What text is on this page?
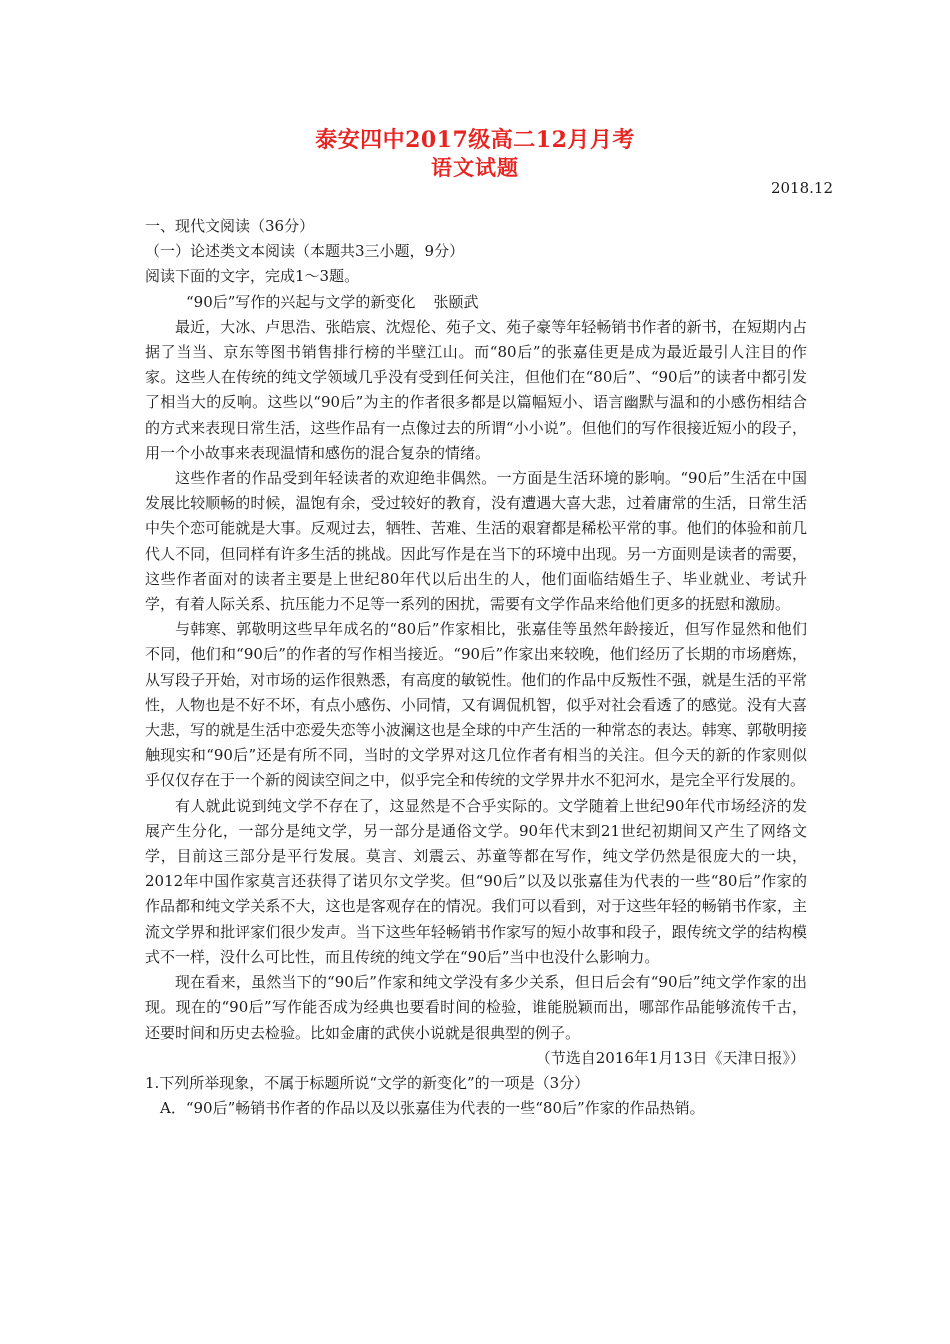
泰安四中2017级高二12月月考
语文试题
2018.12

一、现代文阅读（36分）

（一）论述类文本阅读（本题共3三小题，9分）

阅读下面的文字，完成1～3题。

“90后”写作的兴起与文学的新变化 张颐武

最近，大冰、卢思浩、张皓宸、沈煜伦、苑子文、苑子豪等年轻畅销书作者的新书，在短期内占据了当当、京东等图书销售排行榜的半壁江山。而“80后”的张嘉佳更是成为最近最引人注目的作家。这些人在传统的纯文学领域几乎没有受到任何关注，但他们在“80后”、“90后”的读者中都引发了相当大的反响。这些以“90后”为主的作者很多都是以篇幅短小、语言幽默与温和的小感伤相结合的方式来表现日常生活，这些作品有一点像过去的所谓“小小说”。但他们的写作很接近短小的段子，用一个小故事来表现温情和感伤的混合复杂的情绪。

这些作者的作品受到年轻读者的欢迎绝非偶然。一方面是生活环境的影响。“90后”生活在中国发展比较顺畅的时候，温饱有余，受过较好的教育，没有遭遇大喜大悲，过着庸常的生活，日常生活中失个恋可能就是大事。反观过去，牺牲、苦难、生活的艰窘都是稀松平常的事。他们的体验和前几代人不同，但同样有许多生活的挑战。因此写作是在当下的环境中出现。另一方面则是读者的需要，这些作者面对的读者主要是上世纪80年代以后出生的人，他们面临结婚生子、毕业就业、考试升学，有着人际关系、抗压能力不足等一系列的困扰，需要有文学作品来给他们更多的抚慰和激励。

与韩寒、郭敬明这些早年成名的“80后”作家相比，张嘉佳等虽然年龄接近，但写作显然和他们不同，他们和“90后”的作者的写作相当接近。“90后”作家出来较晚，他们经历了长期的市场磨炼，从写段子开始，对市场的运作很熟悉，有高度的敏锐性。他们的作品中反叛性不强，就是生活的平常性，人物也是不好不坏，有点小感伤、小同情，又有调侃机智，似乎对社会看透了的感觉。没有大喜大悲，写的就是生活中恋爱失恋等小波澜这也是全球的中产生活的一种常态的表达。韩寒、郭敬明接触现实和“90后”还是有所不同，当时的文学界对这几位作者有相当的关注。但今天的新的作家则似乎仅仅存在于一个新的阅读空间之中，似乎完全和传统的文学界井水不犯河水，是完全平行发展的。

有人就此说到纯文学不存在了，这显然是不合乎实际的。文学随着上世纪90年代市场经济的发展产生分化，一部分是纯文学，另一部分是通俗文学。90年代末到21世纪初期间又产生了网络文学，目前这三部分是平行发展。莫言、刘震云、苏童等都在写作，纯文学仍然是很庞大的一块，2012年中国作家莫言还获得了诺贝尔文学奖。但“90后”以及以张嘉佳为代表的一些“80后”作家的作品都和纯文学关系不大，这也是客观存在的情况。我们可以看到，对于这些年轻的畅销书作家，主流文学界和批评家们很少发声。当下这些年轻畅销书作家写的短小故事和段子，跟传统文学的结构模式不一样，没什么可比性，而且传统的纯文学在“90后”当中也没什么影响力。

现在看来，虽然当下的“90后”作家和纯文学没有多少关系，但日后会有“90后”纯文学作家的出现。现在的“90后”写作能否成为经典也要看时间的检验，谁能脱颖而出，哪部作品能够流传千古，还要时间和历史去检验。比如金庸的武侠小说就是很典型的例子。

（节选自2016年1月13日《天津日报》）

1.下列所举现象，不属于标题所说“文学的新变化”的一项是（3分）

A．“90后”畅销书作者的作品以及以张嘉佳为代表的一些“80后”作家的作品热销。
